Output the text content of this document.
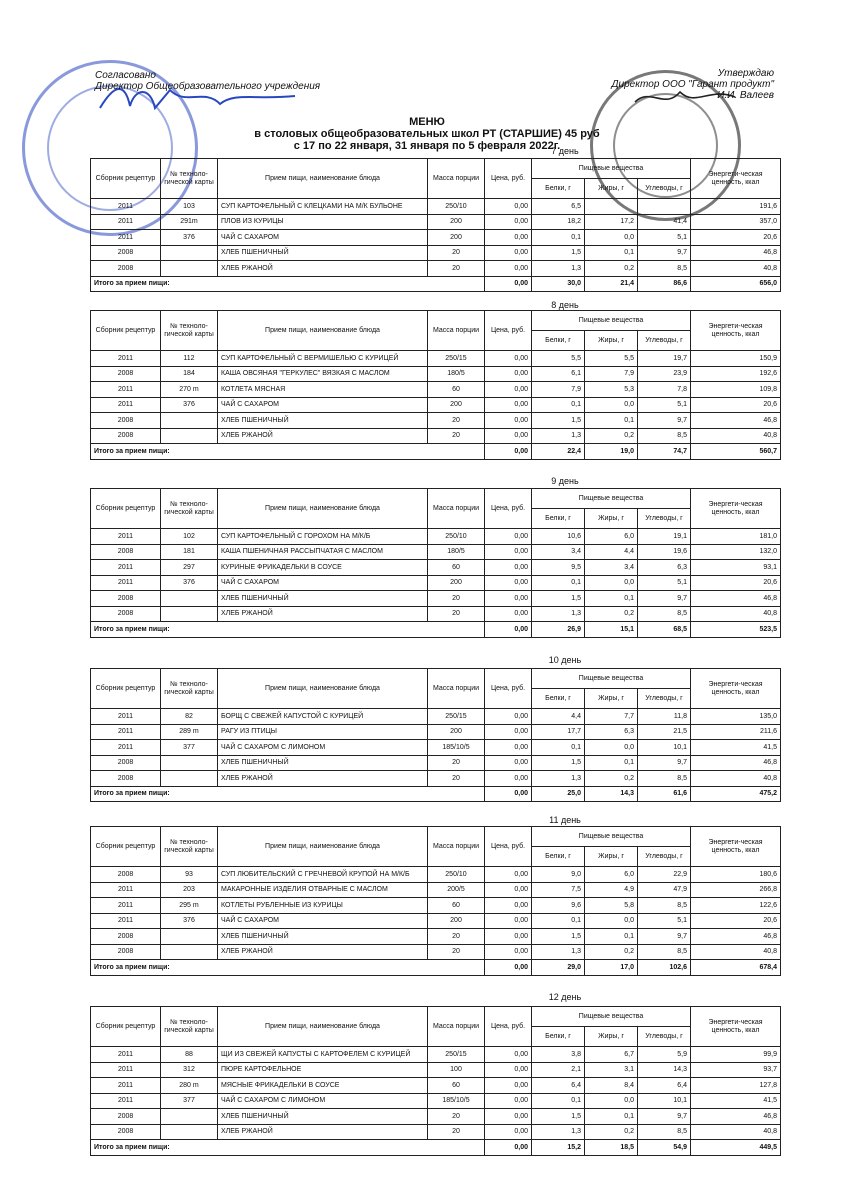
Согласовано
Директор Общеобразовательного учреждения
Утверждаю
Директор ООО "Гарант продукт"
И.И. Валеев
МЕНЮ
в столовых общеобразовательных школ РТ (СТАРШИЕ) 45 руб
с 17 по 22 января, 31 января по 5 февраля 2022г.
7 день
Сборник рецептур	№ техноло-гической карты	Прием пищи, наименование блюда	Масса порции	Цена, руб.	Пищевые вещества			Энергети-ческая ценность, ккал
					Белки, г	Жиры, г	Углеводы, г	
2011	103	СУП КАРТОФЕЛЬНЫЙ С КЛЕЦКАМИ НА М/К БУЛЬОНЕ	250/10	0,00	6,5			191,6
2011	291m	ПЛОВ ИЗ КУРИЦЫ	200	0,00	18,2	17,2	41,4	357,0
2011	376	ЧАЙ С САХАРОМ	200	0,00	0,1	0,0	5,1	20,6
2008		ХЛЕБ ПШЕНИЧНЫЙ	20	0,00	1,5	0,1	9,7	46,8
2008		ХЛЕБ РЖАНОЙ	20	0,00	1,3	0,2	8,5	40,8
Итого за прием пищи:				0,00	30,0	21,4	86,6	656,0
8 день
Сборник рецептур	№ техноло-гической карты	Прием пищи, наименование блюда	Масса порции	Цена, руб.	Пищевые вещества			Энергети-ческая ценность, ккал
					Белки, г	Жиры, г	Углеводы, г	
2011	112	СУП КАРТОФЕЛЬНЫЙ С ВЕРМИШЕЛЬЮ С КУРИЦЕЙ	250/15	0,00	5,5	5,5	19,7	150,9
2008	184	КАША ОВСЯНАЯ "ГЕРКУЛЕС" ВЯЗКАЯ С МАСЛОМ	180/5	0,00	6,1	7,9	23,9	192,6
2011	270 m	КОТЛЕТА МЯСНАЯ	60	0,00	7,9	5,3	7,8	109,8
2011	376	ЧАЙ С САХАРОМ	200	0,00	0,1	0,0	5,1	20,6
2008		ХЛЕБ ПШЕНИЧНЫЙ	20	0,00	1,5	0,1	9,7	46,8
2008		ХЛЕБ РЖАНОЙ	20	0,00	1,3	0,2	8,5	40,8
Итого за прием пищи:				0,00	22,4	19,0	74,7	560,7
9 день
Сборник рецептур	№ техноло-гической карты	Прием пищи, наименование блюда	Масса порции	Цена, руб.	Пищевые вещества			Энергети-ческая ценность, ккал
					Белки, г	Жиры, г	Углеводы, г	
2011	102	СУП КАРТОФЕЛЬНЫЙ С ГОРОХОМ НА М/К/Б	250/10	0,00	10,6	6,0	19,1	181,0
2008	181	КАША ПШЕНИЧНАЯ РАССЫПЧАТАЯ С МАСЛОМ	180/5	0,00	3,4	4,4	19,6	132,0
2011	297	КУРИНЫЕ ФРИКАДЕЛЬКИ В СОУСЕ	60	0,00	9,5	3,4	6,3	93,1
2011	376	ЧАЙ С САХАРОМ	200	0,00	0,1	0,0	5,1	20,6
2008		ХЛЕБ ПШЕНИЧНЫЙ	20	0,00	1,5	0,1	9,7	46,8
2008		ХЛЕБ РЖАНОЙ	20	0,00	1,3	0,2	8,5	40,8
Итого за прием пищи:				0,00	26,9	15,1	68,5	523,5
10 день
Сборник рецептур	№ техноло-гической карты	Прием пищи, наименование блюда	Масса порции	Цена, руб.	Пищевые вещества			Энергети-ческая ценность, ккал
					Белки, г	Жиры, г	Углеводы, г	
2011	82	БОРЩ С СВЕЖЕЙ КАПУСТОЙ С КУРИЦЕЙ	250/15	0,00	4,4	7,7	11,8	135,0
2011	289 m	РАГУ ИЗ ПТИЦЫ	200	0,00	17,7	6,3	21,5	211,6
2011	377	ЧАЙ С САХАРОМ С ЛИМОНОМ	185/10/5	0,00	0,1	0,0	10,1	41,5
2008		ХЛЕБ ПШЕНИЧНЫЙ	20	0,00	1,5	0,1	9,7	46,8
2008		ХЛЕБ РЖАНОЙ	20	0,00	1,3	0,2	8,5	40,8
Итого за прием пищи:				0,00	25,0	14,3	61,6	475,2
11 день
Сборник рецептур	№ техноло-гической карты	Прием пищи, наименование блюда	Масса порции	Цена, руб.	Пищевые вещества			Энергети-ческая ценность, ккал
					Белки, г	Жиры, г	Углеводы, г	
2008	93	СУП ЛЮБИТЕЛЬСКИЙ С ГРЕЧНЕВОЙ КРУПОЙ НА М/К/Б	250/10	0,00	9,0	6,0	22,9	180,6
2011	203	МАКАРОННЫЕ ИЗДЕЛИЯ ОТВАРНЫЕ С МАСЛОМ	200/5	0,00	7,5	4,9	47,9	266,8
2011	295 m	КОТЛЕТЫ РУБЛЕННЫЕ ИЗ КУРИЦЫ	60	0,00	9,6	5,8	8,5	122,6
2011	376	ЧАЙ С САХАРОМ	200	0,00	0,1	0,0	5,1	20,6
2008		ХЛЕБ ПШЕНИЧНЫЙ	20	0,00	1,5	0,1	9,7	46,8
2008		ХЛЕБ РЖАНОЙ	20	0,00	1,3	0,2	8,5	40,8
Итого за прием пищи:				0,00	29,0	17,0	102,6	678,4
12 день
Сборник рецептур	№ техноло-гической карты	Прием пищи, наименование блюда	Масса порции	Цена, руб.	Пищевые вещества			Энергети-ческая ценность, ккал
					Белки, г	Жиры, г	Углеводы, г	
2011	88	ЩИ ИЗ СВЕЖЕЙ КАПУСТЫ С КАРТОФЕЛЕМ С КУРИЦЕЙ	250/15	0,00	3,8	6,7	5,9	99,9
2011	312	ПЮРЕ КАРТОФЕЛЬНОЕ	100	0,00	2,1	3,1	14,3	93,7
2011	280 m	МЯСНЫЕ ФРИКАДЕЛЬКИ В СОУСЕ	60	0,00	6,4	8,4	6,4	127,8
2011	377	ЧАЙ С САХАРОМ С ЛИМОНОМ	185/10/5	0,00	0,1	0,0	10,1	41,5
2008		ХЛЕБ ПШЕНИЧНЫЙ	20	0,00	1,5	0,1	9,7	46,8
2008		ХЛЕБ РЖАНОЙ	20	0,00	1,3	0,2	8,5	40,8
Итого за прием пищи:				0,00	15,2	18,5	54,9	449,5
